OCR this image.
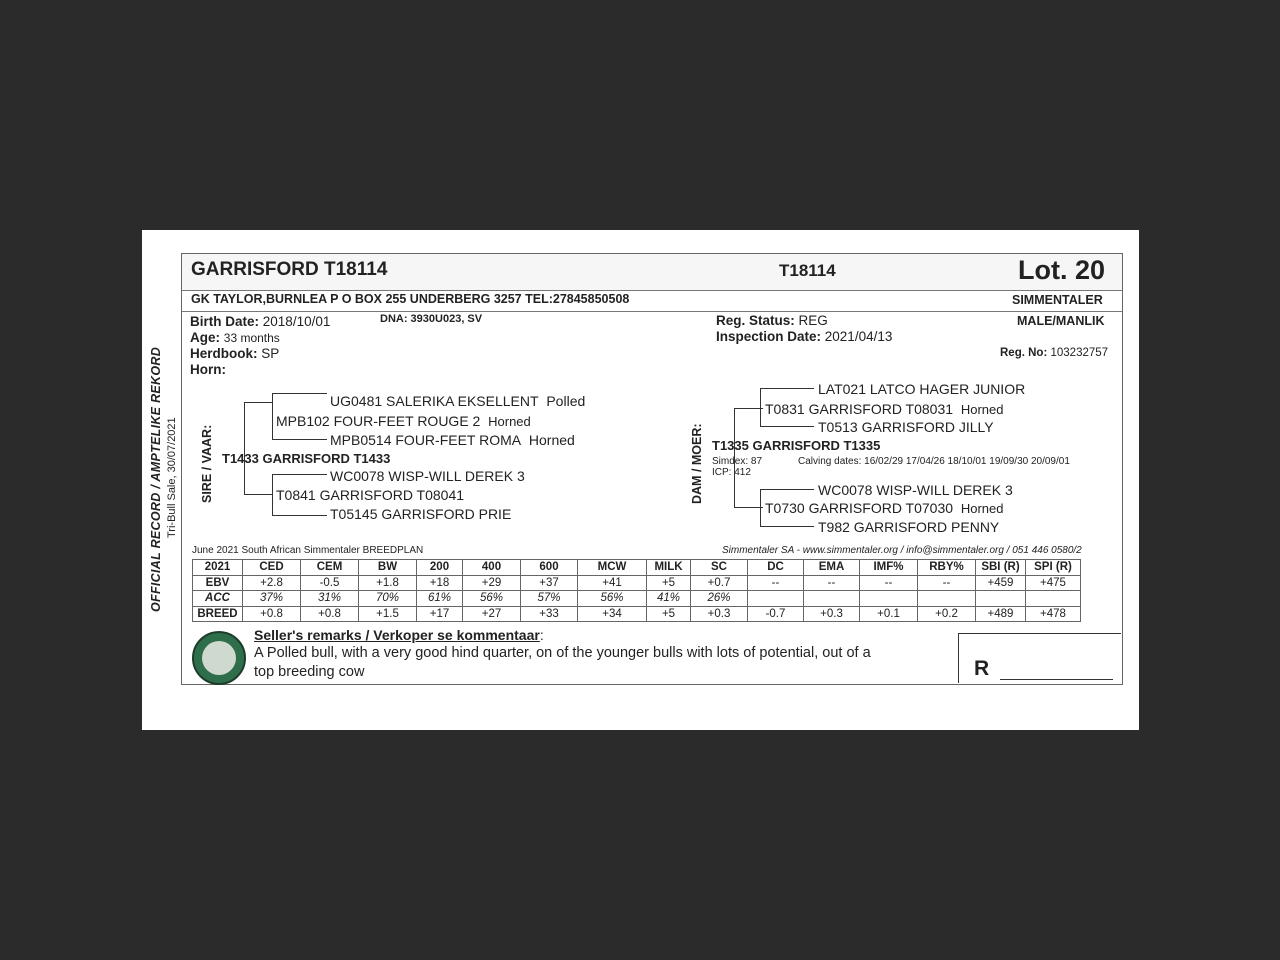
OFFICIAL RECORD / AMPTELIKE REKORD Tri-Bull Sale, 30/07/2021
GARRISFORD T18114	T18114	Lot. 20
GK TAYLOR,BURNLEA P O BOX 255 UNDERBERG 3257 TEL:27845850508	SIMMENTALER
Birth Date: 2018/10/01	DNA: 3930U023, SV
Age: 33 months
Herdbook: SP
Horn:
Reg. Status: REG
Inspection Date: 2021/04/13
MALE/MANLIK
Reg. No: 103232757
SIRE / VAAR:
UG0481 SALERIKA EKSELLENT Polled
MPB102 FOUR-FEET ROUGE 2 Horned
MPB0514 FOUR-FEET ROMA Horned
T1433 GARRISFORD T1433
WC0078 WISP-WILL DEREK 3
T0841 GARRISFORD T08041
T05145 GARRISFORD PRIE
DAM / MOER:
LAT021 LATCO HAGER JUNIOR
T0831 GARRISFORD T08031 Horned
T0513 GARRISFORD JILLY
T1335 GARRISFORD T1335
Simdex: 87
ICP: 412
Calving dates: 16/02/29 17/04/26 18/10/01 19/09/30 20/09/01
WC0078 WISP-WILL DEREK 3
T0730 GARRISFORD T07030 Horned
T982 GARRISFORD PENNY
June 2021 South African Simmentaler BREEDPLAN	Simmentaler SA - www.simmentaler.org / info@simmentaler.org / 051 446 0580/2
2021	CED	CEM	BW	200	400	600	MCW	MILK	SC	DC	EMA	IMF%	RBY%	SBI (R)	SPI (R)
EBV	+2.8	-0.5	+1.8	+18	+29	+37	+41	+5	+0.7	--	--	--	--	+459	+475
ACC	37%	31%	70%	61%	56%	57%	56%	41%	26%						
BREED	+0.8	+0.8	+1.5	+17	+27	+33	+34	+5	+0.3	-0.7	+0.3	+0.1	+0.2	+489	+478
Seller's remarks / Verkoper se kommentaar:
A Polled bull, with a very good hind quarter, on of the younger bulls with lots of potential, out of a
top breeding cow	R
